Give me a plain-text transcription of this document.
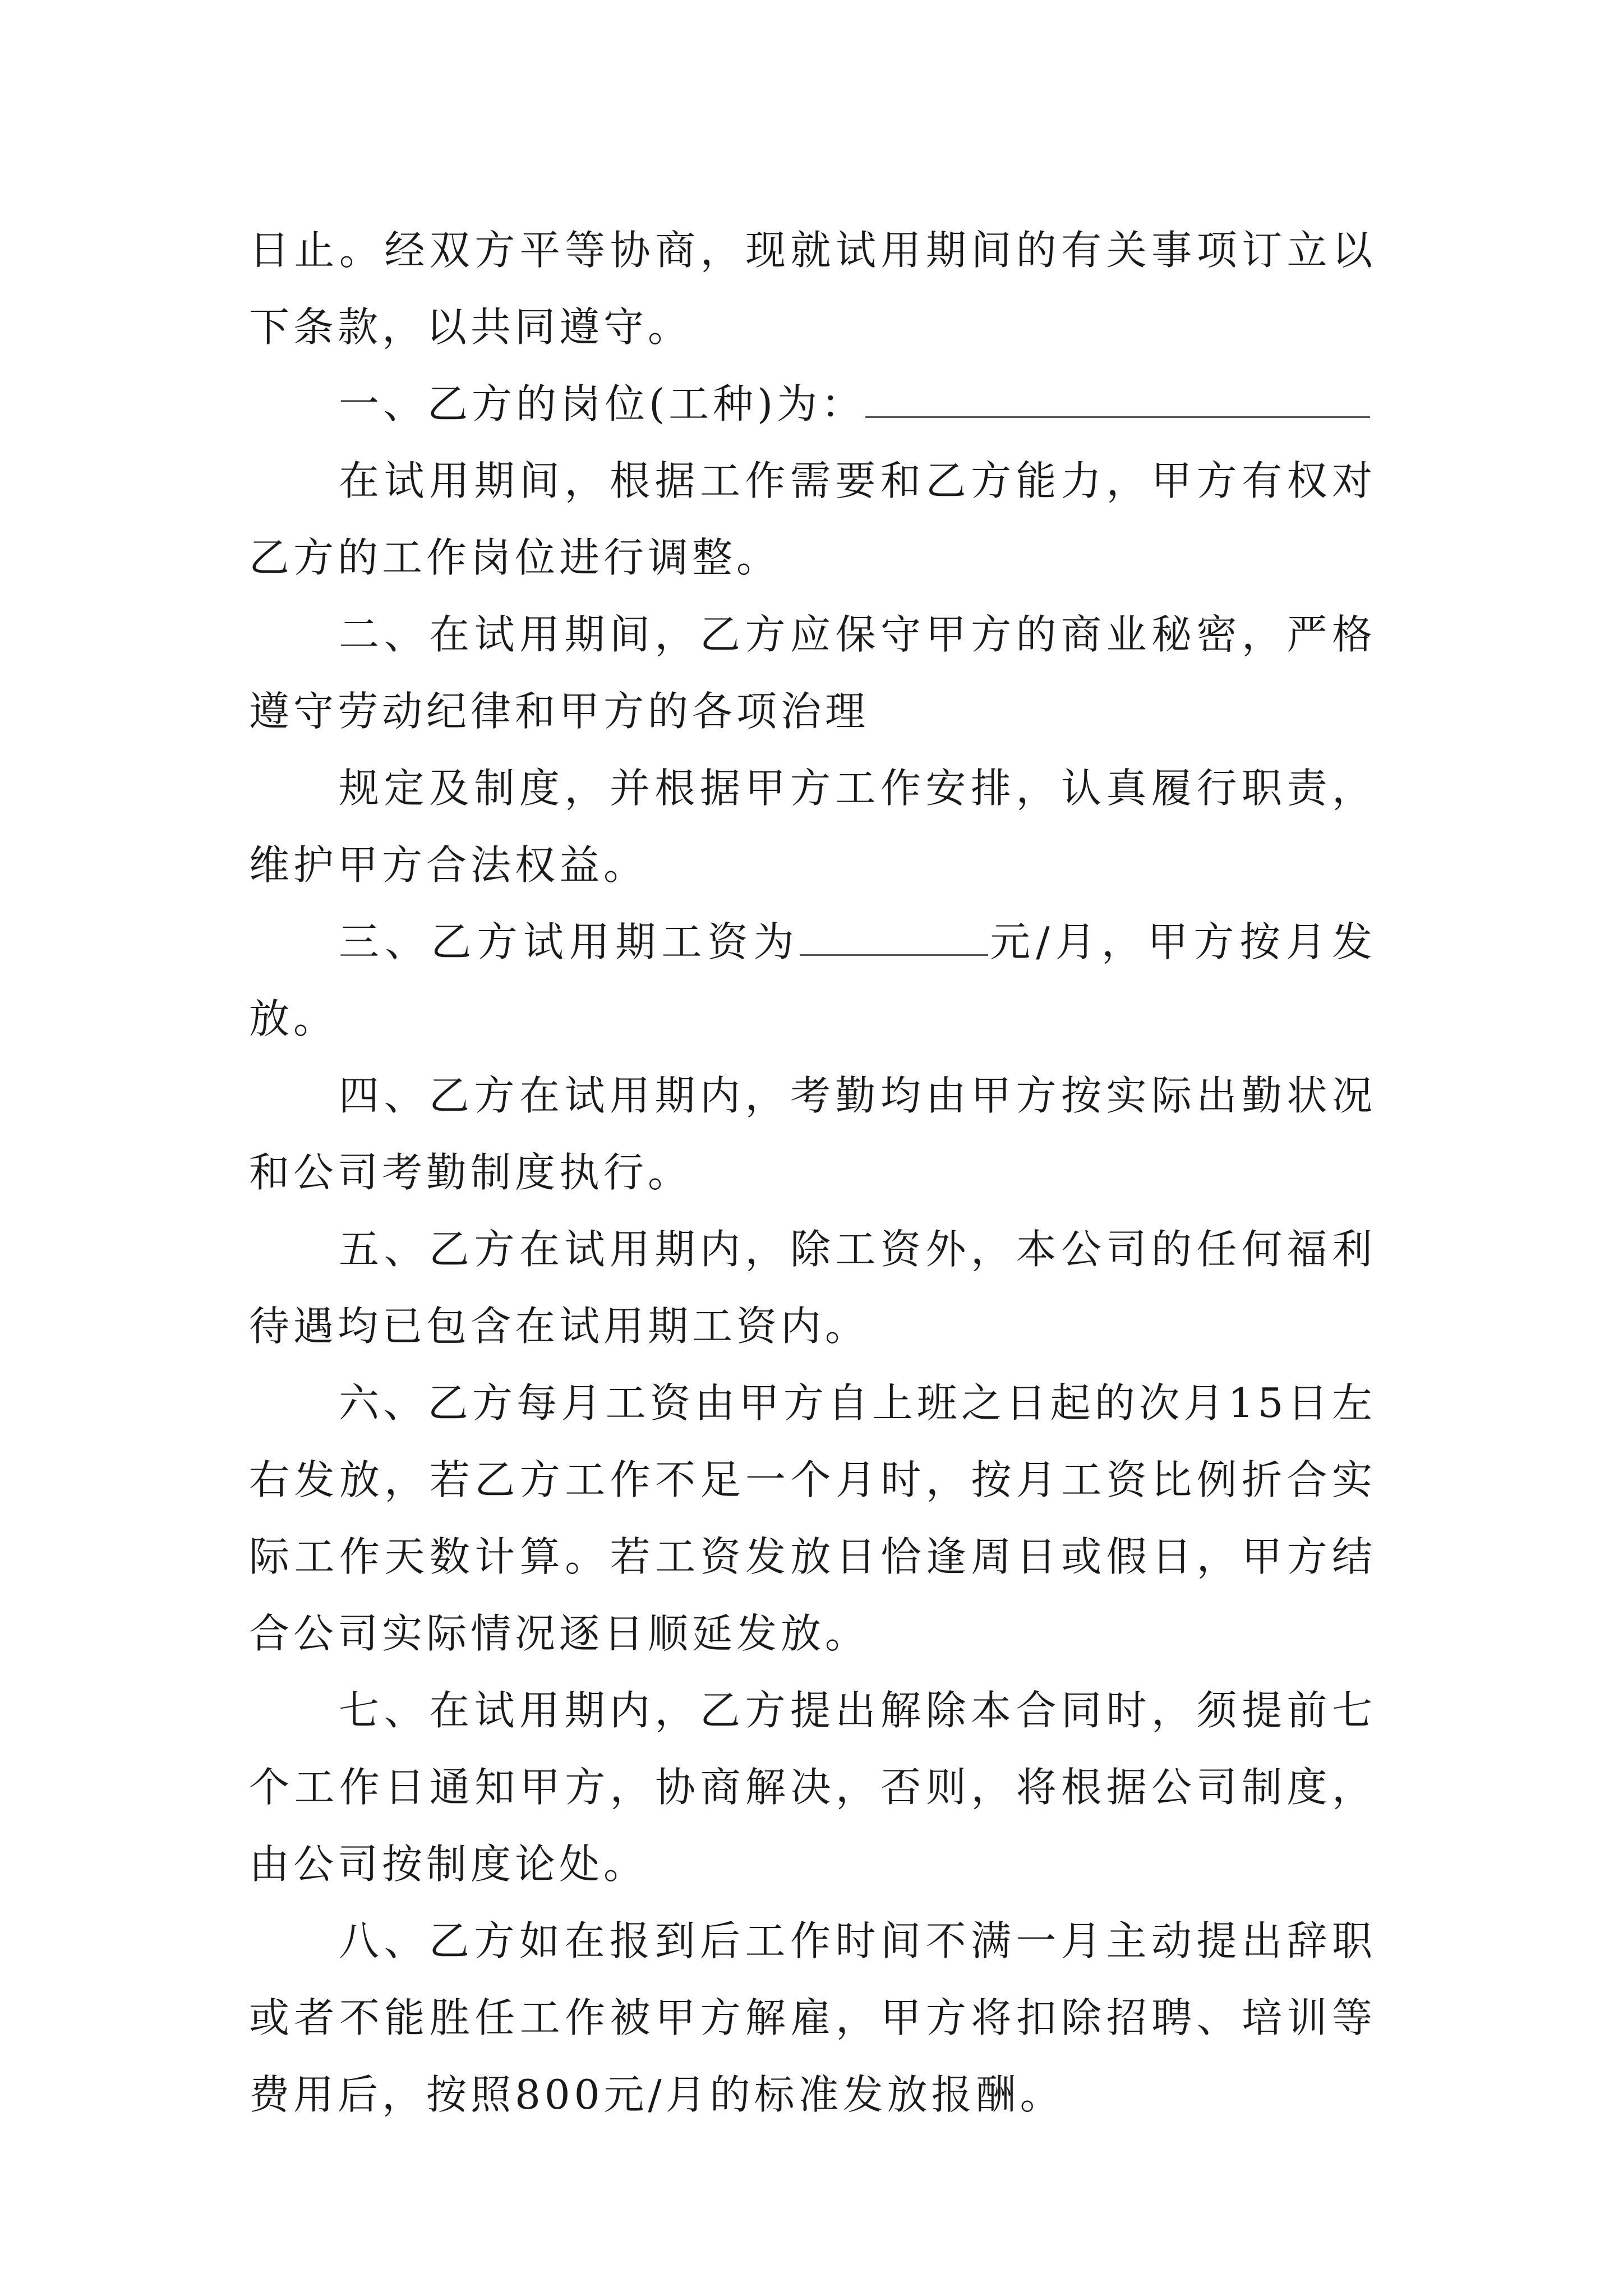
日止。经双方平等协商，现就试用期间的有关事项订立以下条款，以共同遵守。

一、乙方的岗位(工种)为：

在试用期间，根据工作需要和乙方能力，甲方有权对乙方的工作岗位进行调整。

二、在试用期间，乙方应保守甲方的商业秘密，严格遵守劳动纪律和甲方的各项治理

规定及制度，并根据甲方工作安排，认真履行职责，维护甲方合法权益。

三、乙方试用期工资为	元/月，甲方按月发放。

四、乙方在试用期内，考勤均由甲方按实际出勤状况和公司考勤制度执行。

五、乙方在试用期内，除工资外，本公司的任何福利待遇均已包含在试用期工资内。

六、乙方每月工资由甲方自上班之日起的次月15日左右发放，若乙方工作不足一个月时，按月工资比例折合实际工作天数计算。若工资发放日恰逢周日或假日，甲方结合公司实际情况逐日顺延发放。

七、在试用期内，乙方提出解除本合同时，须提前七个工作日通知甲方，协商解决，否则，将根据公司制度，由公司按制度论处。

八、乙方如在报到后工作时间不满一月主动提出辞职或者不能胜任工作被甲方解雇，甲方将扣除招聘、培训等费用后，按照800元/月的标准发放报酬。
